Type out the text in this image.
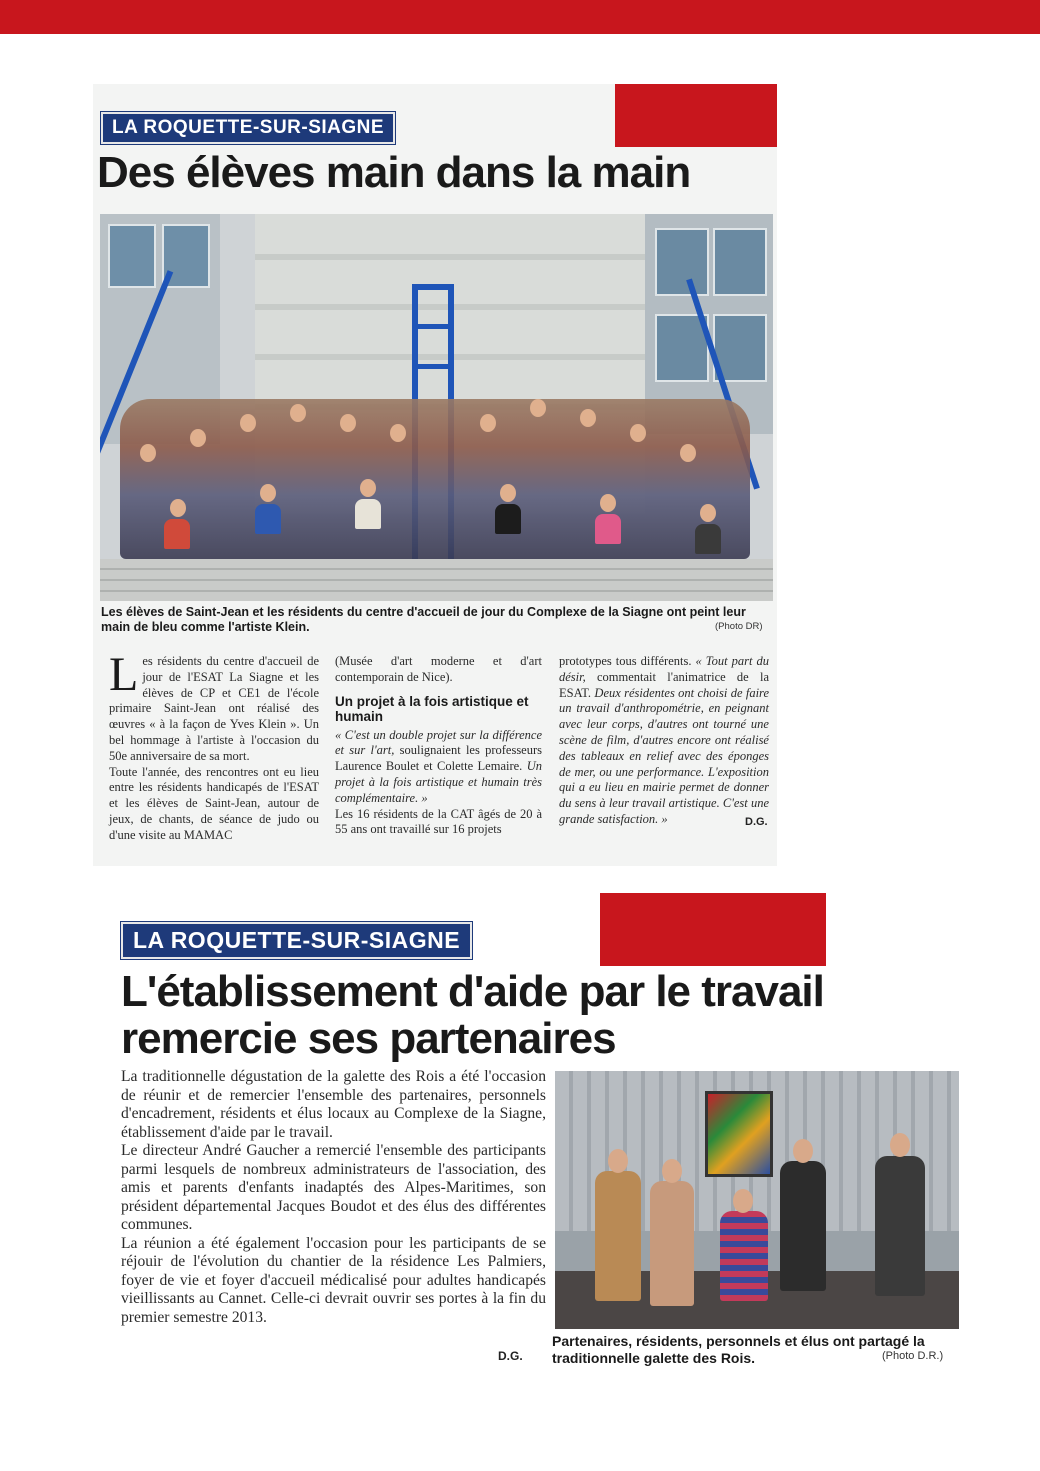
LA ROQUETTE-SUR-SIAGNE
Des élèves main dans la main
Les élèves de Saint-Jean et les résidents du centre d'accueil de jour du Complexe de la Siagne ont peint leur main de bleu comme l'artiste Klein.	(Photo DR)
L es résidents du centre d'accueil de jour de l'ESAT La Siagne et les élèves de CP et CE1 de l'école primaire Saint-Jean ont réalisé des œuvres « à la façon de Yves Klein ». Un bel hommage à l'artiste à l'occasion du 50e anniversaire de sa mort.

Toute l'année, des rencontres ont eu lieu entre les résidents handicapés de l'ESAT et les élèves de Saint-Jean, autour de jeux, de chants, de séance de judo ou d'une visite au MAMAC

(Musée d'art moderne et d'art contemporain de Nice).

Un projet à la fois artistique et humain

« C'est un double projet sur la différence et sur l'art, soulignaient les professeurs Laurence Boulet et Colette Lemaire. Un projet à la fois artistique et humain très complémentaire. »

Les 16 résidents de la CAT âgés de 20 à 55 ans ont travaillé sur 16 projets

prototypes tous différents. « Tout part du désir, commentait l'animatrice de la ESAT. Deux résidentes ont choisi de faire un travail d'anthropométrie, en peignant avec leur corps, d'autres ont tourné une scène de film, d'autres encore ont réalisé des tableaux en relief avec des éponges de mer, ou une performance. L'exposition qui a eu lieu en mairie permet de donner du sens à leur travail artistique. C'est une grande satisfaction. »	D.G.
LA ROQUETTE-SUR-SIAGNE
L'établissement d'aide par le travail
remercie ses partenaires

La traditionnelle dégustation de la galette des Rois a été l'occasion de réunir et de remercier l'ensemble des partenaires, personnels d'encadrement, résidents et élus locaux au Complexe de la Siagne, établissement d'aide par le travail.

Le directeur André Gaucher a remercié l'ensemble des participants parmi lesquels de nombreux administrateurs de l'association, des amis et parents d'enfants inadaptés des Alpes-Maritimes, son président départemental Jacques Boudot et des élus des différentes communes.

La réunion a été également l'occasion pour les participants de se réjouir de l'évolution du chantier de la résidence Les Palmiers, foyer de vie et foyer d'accueil médicalisé pour adultes handicapés vieillissants au Cannet. Celle-ci devrait ouvrir ses portes à la fin du premier semestre 2013.

D.G.
Partenaires, résidents, personnels et élus ont partagé la traditionnelle galette des Rois.	(Photo D.R.)
